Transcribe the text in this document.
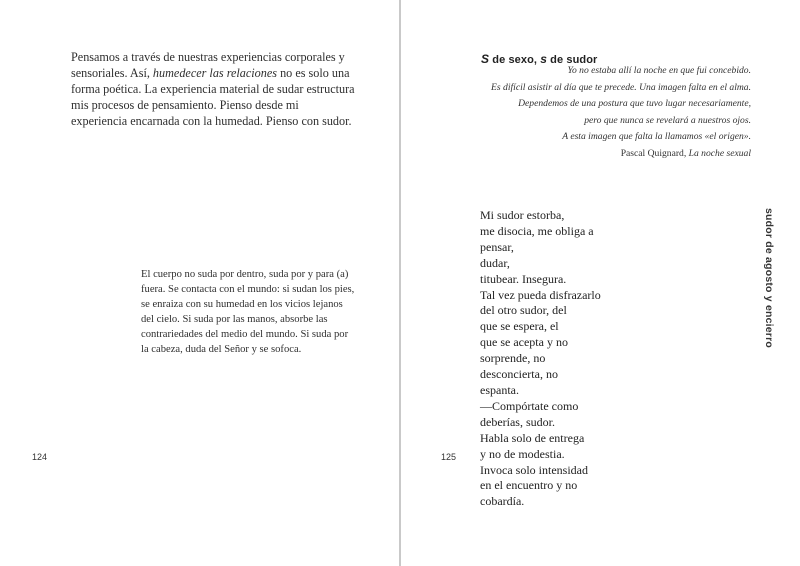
Pensamos a través de nuestras experiencias corporales y sensoriales. Así, humedecer las relaciones no es solo una forma poética. La experiencia material de sudar estructura mis procesos de pensamiento. Pienso desde mi experiencia encarnada con la humedad. Pienso con sudor.

El cuerpo no suda por dentro, suda por y para (a) fuera. Se contacta con el mundo: si sudan los pies, se enraiza con su humedad en los vicios lejanos del cielo. Si suda por las manos, absorbe las contrariedades del medio del mundo. Si suda por la cabeza, duda del Señor y se sofoca.

124
S de sexo, s de sudor
Yo no estaba allí la noche en que fui concebido.
Es difícil asistir al día que te precede. Una imagen falta en el alma.
Dependemos de una postura que tuvo lugar necesariamente,
pero que nunca se revelará a nuestros ojos.
A esta imagen que falta la llamamos «el origen».
Pascal Quignard, La noche sexual
Mi sudor estorba,
me disocia, me obliga a
pensar,
dudar,
titubear. Insegura.
Tal vez pueda disfrazarlo
del otro sudor, del
que se espera, el
que se acepta y no
sorprende, no
desconcierta, no
espanta.
—Compórtate como
deberías, sudor.
Habla solo de entrega
y no de modestia.
Invoca solo intensidad
en el encuentro y no
cobardía.
sudor de agosto y encierro
125
